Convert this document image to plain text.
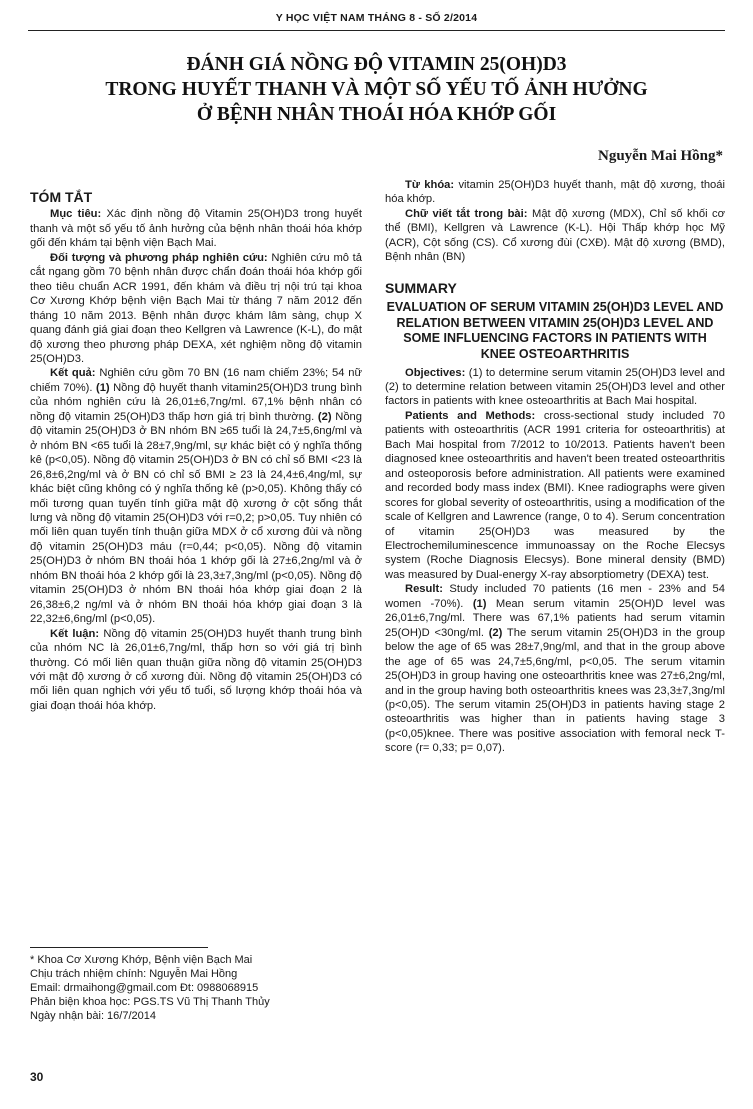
Y HỌC VIỆT NAM THÁNG 8 - SỐ 2/2014
ĐÁNH GIÁ NỒNG ĐỘ VITAMIN 25(OH)D3
TRONG HUYẾT THANH VÀ MỘT SỐ YẾU TỐ ẢNH HƯỞNG
Ở BỆNH NHÂN THOÁI HÓA KHỚP GỐI
Nguyễn Mai Hồng*
TÓM TẮT

Mục tiêu: Xác định nồng độ Vitamin 25(OH)D3 trong huyết thanh và một số yếu tố ảnh hưởng của bệnh nhân thoái hóa khớp gối đến khám tại bệnh viện Bạch Mai.

Đối tượng và phương pháp nghiên cứu: Nghiên cứu mô tả cắt ngang gồm 70 bệnh nhân được chẩn đoán thoái hóa khớp gối theo tiêu chuẩn ACR 1991, đến khám và điều trị nội trú tại khoa Cơ Xương Khớp bệnh viện Bạch Mai từ tháng 7 năm 2012 đến tháng 10 năm 2013. Bệnh nhân được khám lâm sàng, chụp X quang đánh giá giai đoạn theo Kellgren và Lawrence (K-L), đo mật độ xương theo phương pháp DEXA, xét nghiệm nồng độ vitamin 25(OH)D3.

Kết quả: Nghiên cứu gồm 70 BN (16 nam chiếm 23%; 54 nữ chiếm 70%). (1) Nồng độ huyết thanh vitamin25(OH)D3 trung bình của nhóm nghiên cứu là 26,01±6,7ng/ml. 67,1% bệnh nhân có nồng độ vitamin 25(OH)D3 thấp hơn giá trị bình thường. (2) Nồng độ vitamin 25(OH)D3 ở BN nhóm BN ≥65 tuổi là 24,7±5,6ng/ml và ở nhóm BN <65 tuổi là 28±7,9ng/ml, sự khác biệt có ý nghĩa thống kê (p<0,05). Nồng độ vitamin 25(OH)D3 ở BN có chỉ số BMI <23 là 26,8±6,2ng/ml và ở BN có chỉ số BMI ≥ 23 là 24,4±6,4ng/ml, sự khác biệt cũng không có ý nghĩa thống kê (p>0,05). Không thấy có mối tương quan tuyến tính giữa mật độ xương ở cột sống thắt lưng và nồng độ vitamin 25(OH)D3 với r=0,2; p>0,05. Tuy nhiên có mối liên quan tuyến tính thuận giữa MDX ở cổ xương đùi và nồng độ vitamin 25(OH)D3 máu (r=0,44; p<0,05). Nồng độ vitamin 25(OH)D3 ở nhóm BN thoái hóa 1 khớp gối là 27±6,2ng/ml và ở nhóm BN thoái hóa 2 khớp gối là 23,3±7,3ng/ml (p<0,05). Nồng độ vitamin 25(OH)D3 ở nhóm BN thoái hóa khớp giai đoạn 2 là 26,38±6,2 ng/ml và ở nhóm BN thoái hóa khớp giai đoạn 3 là 22,32±6,6ng/ml (p<0,05).

Kết luận: Nồng độ vitamin 25(OH)D3 huyết thanh trung bình của nhóm NC là 26,01±6,7ng/ml, thấp hơn so với giá trị bình thường. Có mối liên quan thuận giữa nồng độ vitamin 25(OH)D3 với mật độ xương ở cổ xương đùi. Nồng độ vitamin 25(OH)D3 có mối liên quan nghịch với yếu tố tuổi, số lượng khớp thoái hóa và giai đoạn thoái hóa khớp.

Từ khóa: vitamin 25(OH)D3 huyết thanh, mật độ xương, thoái hóa khớp.

Chữ viết tắt trong bài: Mật độ xương (MDX), Chỉ số khối cơ thể (BMI), Kellgren và Lawrence (K-L). Hội Thấp khớp học Mỹ (ACR), Cột sống (CS). Cổ xương đùi (CXĐ). Mật độ xương (BMD), Bệnh nhân (BN)

SUMMARY
EVALUATION OF SERUM VITAMIN 25(OH)D3 LEVEL AND RELATION BETWEEN VITAMIN 25(OH)D3 LEVEL AND SOME INFLUENCING FACTORS IN PATIENTS WITH KNEE OSTEOARTHRITIS

Objectives: (1) to determine serum vitamin 25(OH)D3 level and (2) to determine relation between vitamin 25(OH)D3 level and other factors in patients with knee osteoarthritis at Bach Mai hospital.

Patients and Methods: cross-sectional study included 70 patients with osteoarthritis (ACR 1991 criteria for osteoarthritis) at Bach Mai hospital from 7/2012 to 10/2013. Patients haven't been diagnosed knee osteoarthritis and haven't been treated osteoarthritis and osteoporosis before administration. All patients were examined and recorded body mass index (BMI). Knee radiographs were given scores for global severity of osteoarthritis, using a modification of the scale of Kellgren and Lawrence (range, 0 to 4). Serum concentration of vitamin 25(OH)D3 was measured by the Electrochemiluminescence immunoassay on the Roche Elecsys system (Roche Diagnosis Elecsys). Bone mineral density (BMD) was measured by Dual-energy X-ray absorptiometry (DEXA) test.

Result: Study included 70 patients (16 men - 23% and 54 women -70%). (1) Mean serum vitamin 25(OH)D level was 26,01±6,7ng/ml. There was 67,1% patients had serum vitamin 25(OH)D <30ng/ml. (2) The serum vitamin 25(OH)D3 in the group below the age of 65 was 28±7,9ng/ml, and that in the group above the age of 65 was 24,7±5,6ng/ml, p<0,05. The serum vitamin 25(OH)D3 in group having one osteoarthritis knee was 27±6,2ng/ml, and in the group having both osteoarthritis knees was 23,3±7,3ng/ml (p<0,05). The serum vitamin 25(OH)D3 in patients having stage 2 osteoarthritis was higher than in patients having stage 3 (p<0,05)knee. There was positive association with femoral neck T-score (r= 0,33; p= 0,07).

* Khoa Cơ Xương Khớp, Bệnh viện Bạch Mai
Chịu trách nhiệm chính: Nguyễn Mai Hồng
Email: drmaihong@gmail.com Đt: 0988068915
Phản biện khoa học: PGS.TS Vũ Thị Thanh Thủy
Ngày nhận bài: 16/7/2014
30
